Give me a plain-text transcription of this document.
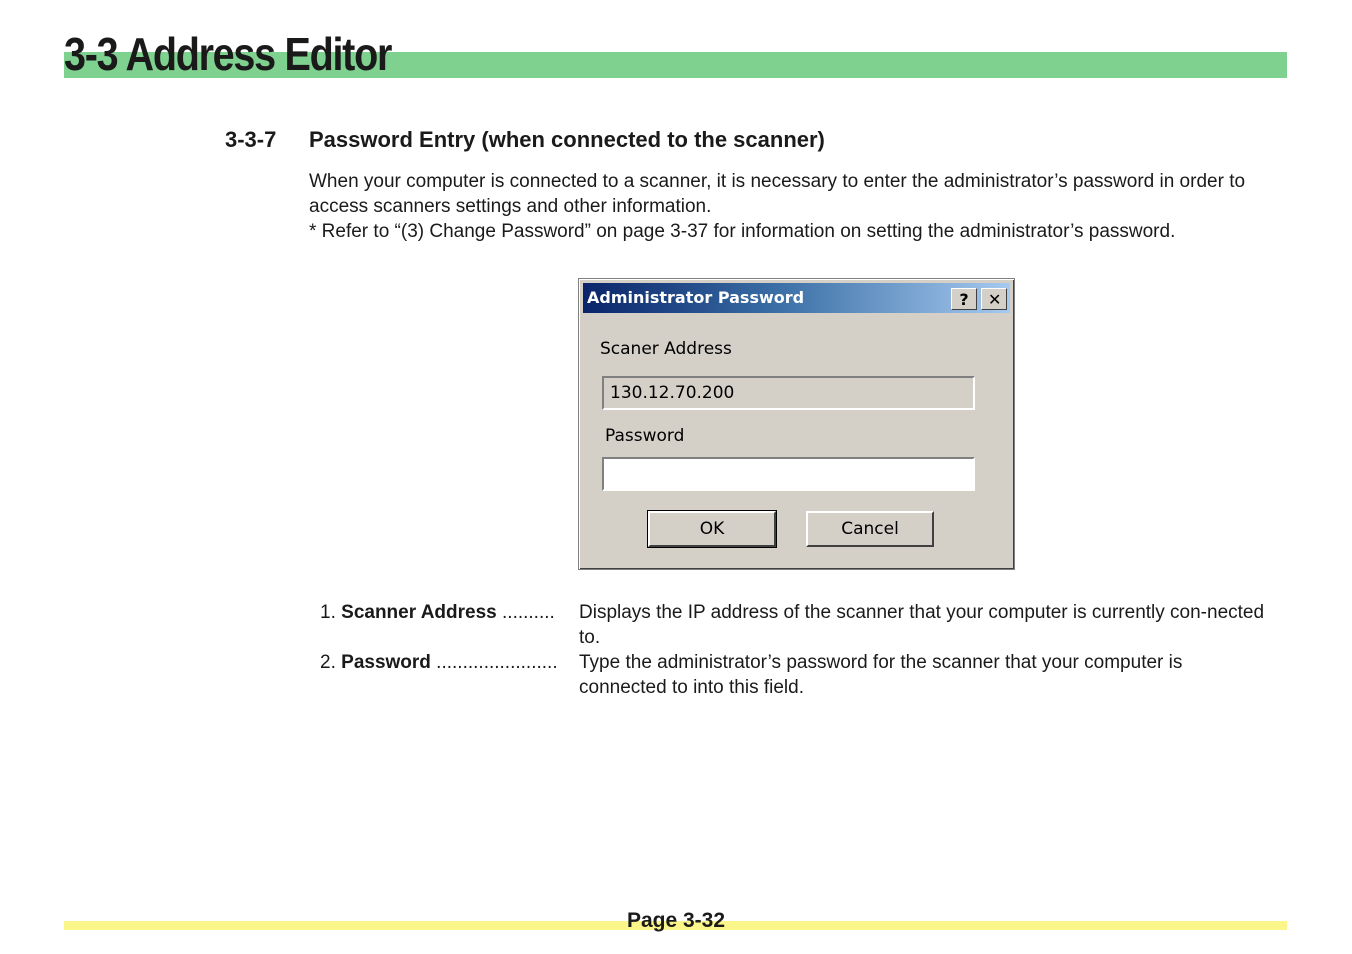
3-3 Address Editor
3-3-7 Password Entry (when connected to the scanner)

When your computer is connected to a scanner, it is necessary to enter the administrator’s password in order to access scanners settings and other information.

* Refer to “(3) Change Password” on page 3-37 for information on setting the administrator’s password.

Administrator Password	?	✕
Scaner Address
130.12.70.200
Password
OK	Cancel
1. Scanner Address ..........	Displays the IP address of the scanner that your computer is currently con-nected to.
2. Password .......................	Type the administrator’s password for the scanner that your computer is connected to into this field.
Page 3-32
